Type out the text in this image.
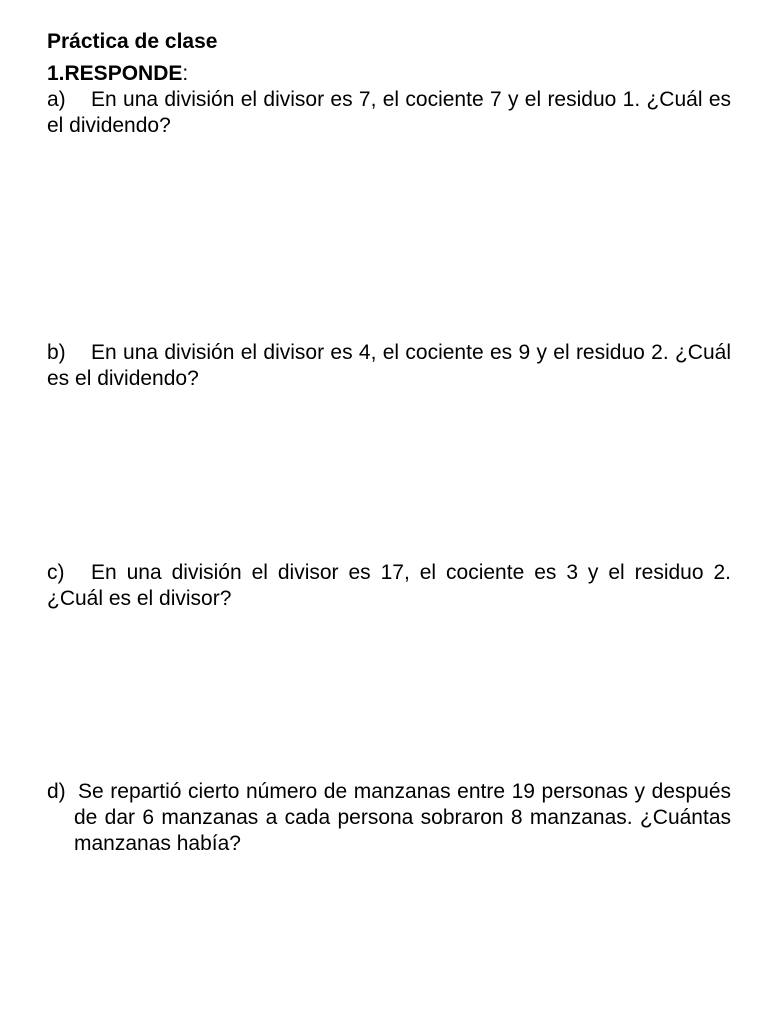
Práctica de clase
1.RESPONDE:
a) En una división el divisor es 7, el cociente 7 y el residuo 1. ¿Cuál es el dividendo?
b) En una división el divisor es 4, el cociente es 9 y el residuo 2. ¿Cuál es el dividendo?
c) En una división el divisor es 17, el cociente es 3 y el residuo 2. ¿Cuál es el divisor?
d) Se repartió cierto número de manzanas entre 19 personas y después de dar 6 manzanas a cada persona sobraron 8 manzanas. ¿Cuántas manzanas había?
